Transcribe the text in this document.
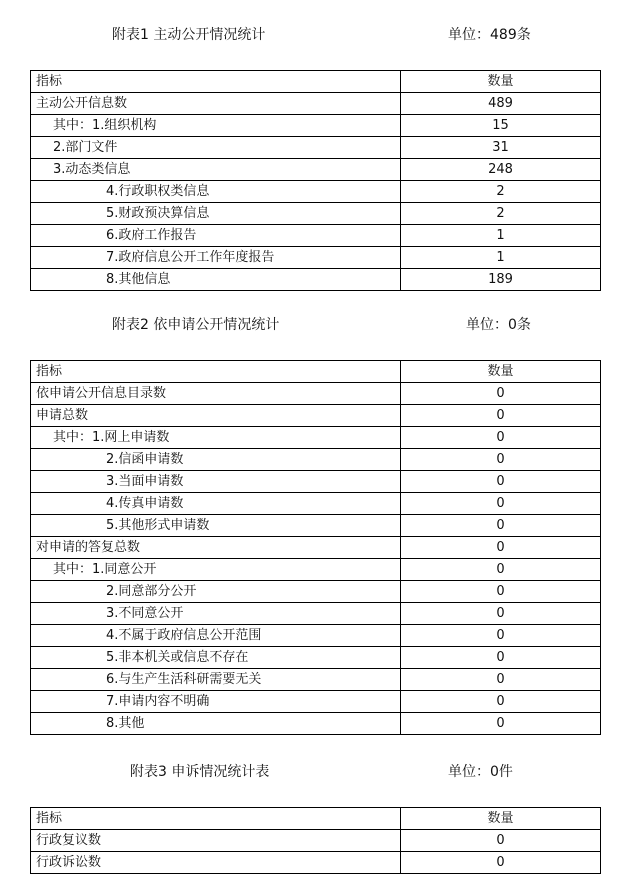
附表1 主动公开情况统计	单位：489条
指标	数量
主动公开信息数	489
其中：1.组织机构	15
2.部门文件	31
3.动态类信息	248
4.行政职权类信息	2
5.财政预决算信息	2
6.政府工作报告	1
7.政府信息公开工作年度报告	1
8.其他信息	189
附表2 依申请公开情况统计	单位：0条
指标	数量
依申请公开信息目录数	0
申请总数	0
其中：1.网上申请数	0
2.信函申请数	0
3.当面申请数	0
4.传真申请数	0
5.其他形式申请数	0
对申请的答复总数	0
其中：1.同意公开	0
2.同意部分公开	0
3.不同意公开	0
4.不属于政府信息公开范围	0
5.非本机关或信息不存在	0
6.与生产生活科研需要无关	0
7.申请内容不明确	0
8.其他	0
附表3 申诉情况统计表	单位：0件
指标	数量
行政复议数	0
行政诉讼数	0
